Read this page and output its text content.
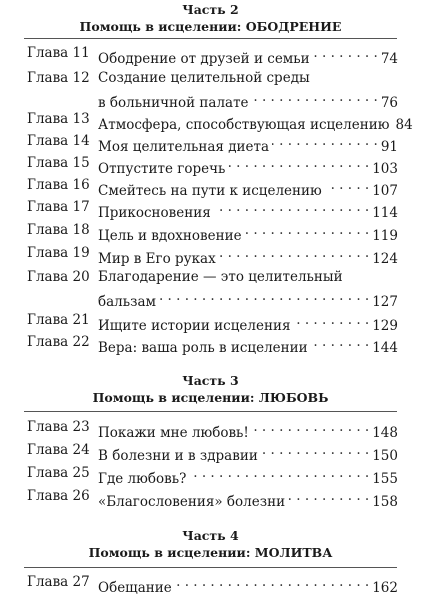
Часть 2
Помощь в исцелении: ОБОДРЕНИЕ
Глава 11 Ободрение от друзей и семьи . . .	74
Глава 12 Создание целительной среды
в больничной палате . . .	76
Глава 13 Атмосфера, способствующая исцелению 84
Глава 14 Моя целительная диета . . .	91
Глава 15 Отпустите горечь . . .	103
Глава 16 Смейтесь на пути к исцелению . . .	107
Глава 17 Прикосновения . . .	114
Глава 18 Цель и вдохновение . . .	119
Глава 19 Мир в Его руках . . .	124
Глава 20 Благодарение — это целительный
бальзам . . .	127
Глава 21 Ищите истории исцеления . . .	129
Глава 22 Вера: ваша роль в исцелении . . .	144
Часть 3
Помощь в исцелении: ЛЮБОВЬ
Глава 23 Покажи мне любовь! . . .	148
Глава 24 В болезни и в здравии . . .	150
Глава 25 Где любовь? . . .	155
Глава 26 «Благословения» болезни . . .	158
Часть 4
Помощь в исцелении: МОЛИТВА
Глава 27 Обещание . . .	162
